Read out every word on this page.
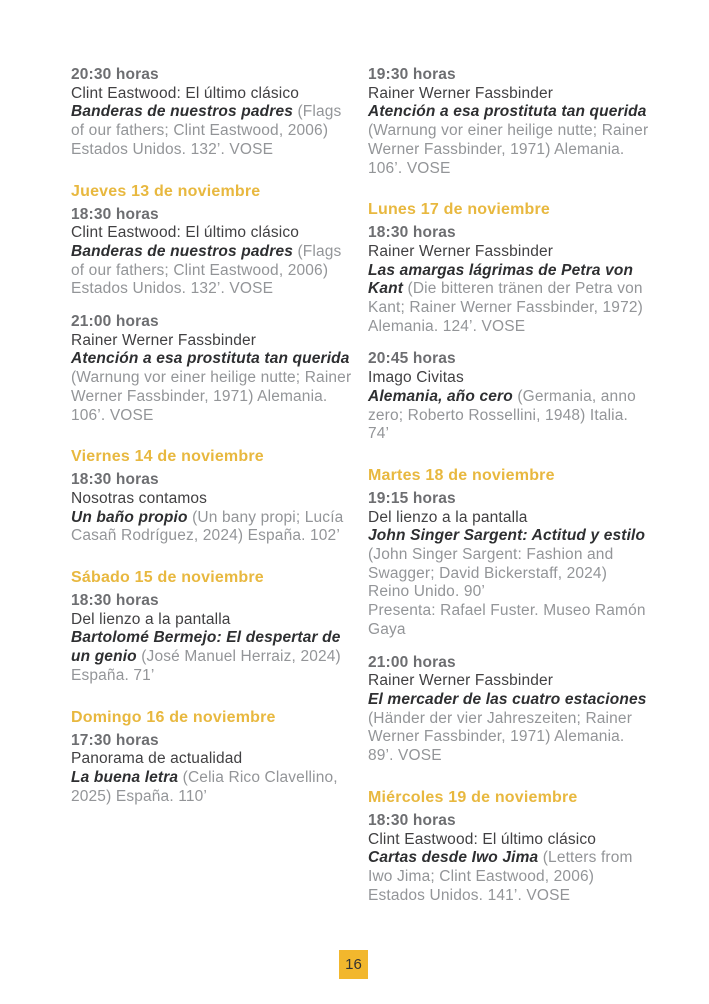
20:30 horas

Clint Eastwood: El último clásico

Banderas de nuestros padres (Flags of our fathers; Clint Eastwood, 2006) Estados Unidos. 132’. VOSE

Jueves 13 de noviembre

18:30 horas

Clint Eastwood: El último clásico

Banderas de nuestros padres (Flags of our fathers; Clint Eastwood, 2006) Estados Unidos. 132’. VOSE

21:00 horas

Rainer Werner Fassbinder

Atención a esa prostituta tan querida (Warnung vor einer heilige nutte; Rainer Werner Fassbinder, 1971) Alemania. 106’. VOSE

Viernes 14 de noviembre

18:30 horas

Nosotras contamos

Un baño propio (Un bany propi; Lucía Casañ Rodríguez, 2024) España. 102’

Sábado 15 de noviembre

18:30 horas

Del lienzo a la pantalla

Bartolomé Bermejo: El despertar de un genio (José Manuel Herraiz, 2024) España. 71’

Domingo 16 de noviembre

17:30 horas

Panorama de actualidad

La buena letra (Celia Rico Clavellino, 2025) España. 110’

19:30 horas

Rainer Werner Fassbinder

Atención a esa prostituta tan querida (Warnung vor einer heilige nutte; Rainer Werner Fassbinder, 1971) Alemania. 106’. VOSE

Lunes 17 de noviembre

18:30 horas

Rainer Werner Fassbinder

Las amargas lágrimas de Petra von Kant (Die bitteren tränen der Petra von Kant; Rainer Werner Fassbinder, 1972) Alemania. 124’. VOSE

20:45 horas

Imago Civitas

Alemania, año cero (Germania, anno zero; Roberto Rossellini, 1948) Italia. 74’

Martes 18 de noviembre

19:15 horas

Del lienzo a la pantalla

John Singer Sargent: Actitud y estilo (John Singer Sargent: Fashion and Swagger; David Bickerstaff, 2024) Reino Unido. 90’
Presenta: Rafael Fuster. Museo Ramón Gaya

21:00 horas

Rainer Werner Fassbinder

El mercader de las cuatro estaciones (Händer der vier Jahreszeiten; Rainer Werner Fassbinder, 1971) Alemania. 89’. VOSE

Miércoles 19 de noviembre

18:30 horas

Clint Eastwood: El último clásico

Cartas desde Iwo Jima (Letters from Iwo Jima; Clint Eastwood, 2006) Estados Unidos. 141’. VOSE

16
